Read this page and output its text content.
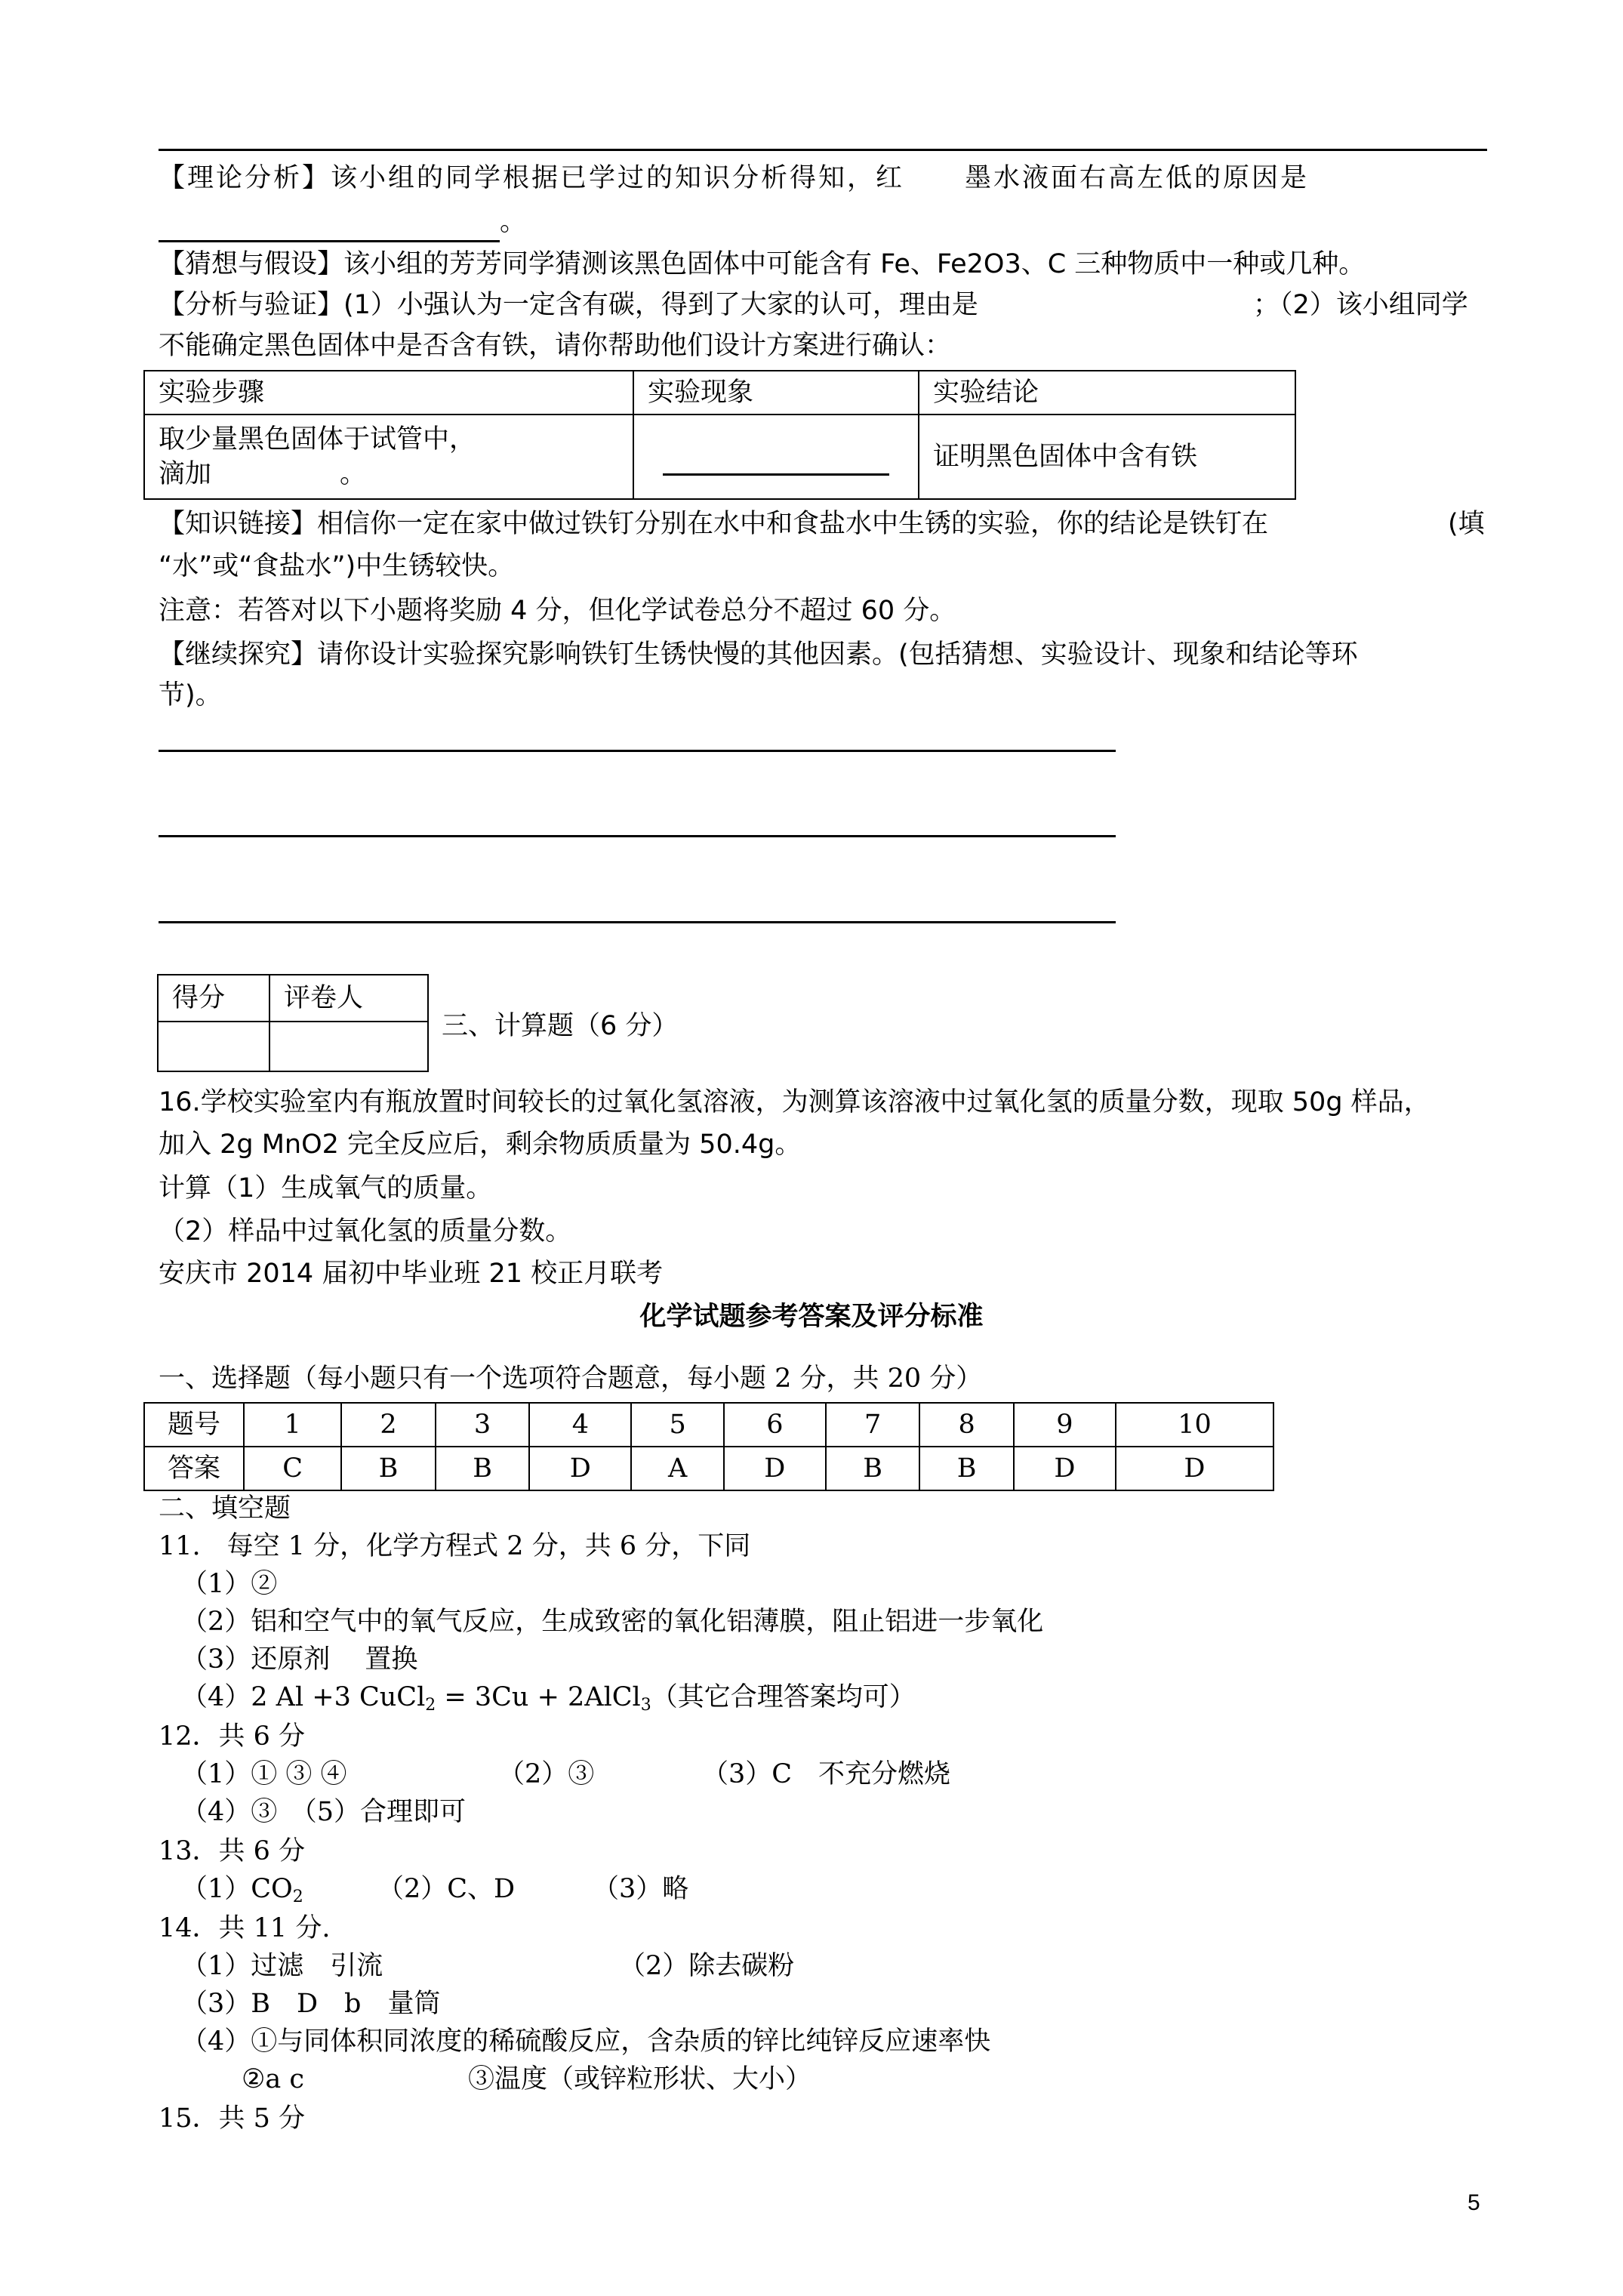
【理论分析】该小组的同学根据已学过的知识分析得知，红 墨水液面右高左低的原因是
。
【猜想与假设】该小组的芳芳同学猜测该黑色固体中可能含有 Fe、Fe2O3、C 三种物质中一种或几种。
【分析与验证】(1）小强认为一定含有碳，得到了大家的认可，理由是	；（2）该小组同学
不能确定黑色固体中是否含有铁，请你帮助他们设计方案进行确认：
实验步骤	实验现象	实验结论

取少量黑色固体于试管中，
滴加 。		证明黑色固体中含有铁
【知识链接】相信你一定在家中做过铁钉分别在水中和食盐水中生锈的实验，你的结论是铁钉在	(填
“水”或“食盐水”)中生锈较快。
注意：若答对以下小题将奖励 4 分，但化学试卷总分不超过 60 分。
【继续探究】请你设计实验探究影响铁钉生锈快慢的其他因素。(包括猜想、实验设计、现象和结论等环
节)。
得分	评卷人

三、计算题（6 分）
16.学校实验室内有瓶放置时间较长的过氧化氢溶液，为测算该溶液中过氧化氢的质量分数，现取 50g 样品，
加入 2g MnO2 完全反应后，剩余物质质量为 50.4g。
计算（1）生成氧气的质量。
（2）样品中过氧化氢的质量分数。
安庆市 2014 届初中毕业班 21 校正月联考
化学试题参考答案及评分标准
一、选择题（每小题只有一个选项符合题意，每小题 2 分，共 20 分）
题号	1	2	3	4	5	6	7	8	9	10
答案	C	B	B	D	A	D	B	B	D	D
二、填空题
11.　每空 1 分，化学方程式 2 分，共 6 分，下同
（1）②
（2）铝和空气中的氧气反应，生成致密的氧化铝薄膜，阻止铝进一步氧化
（3）还原剂　 置换
（4）2 Al +3 CuCl$_2$ = 3Cu + 2AlCl$_3$（其它合理答案均可）
12．共 6 分
（1）① ③ ④	（2）③	（3）C　不充分燃烧
（4）③　（5）合理即可
13．共 6 分
$(1)CO_2$	（2）C、D	（3）略
14．共 11 分.
（1）过滤　引流	（2）除去碳粉
（3）B　D　b　量筒
（4）①与同体积同浓度的稀硫酸反应，含杂质的锌比纯锌反应速率快
②a c	③温度（或锌粒形状、大小）
15．共 5 分
5
